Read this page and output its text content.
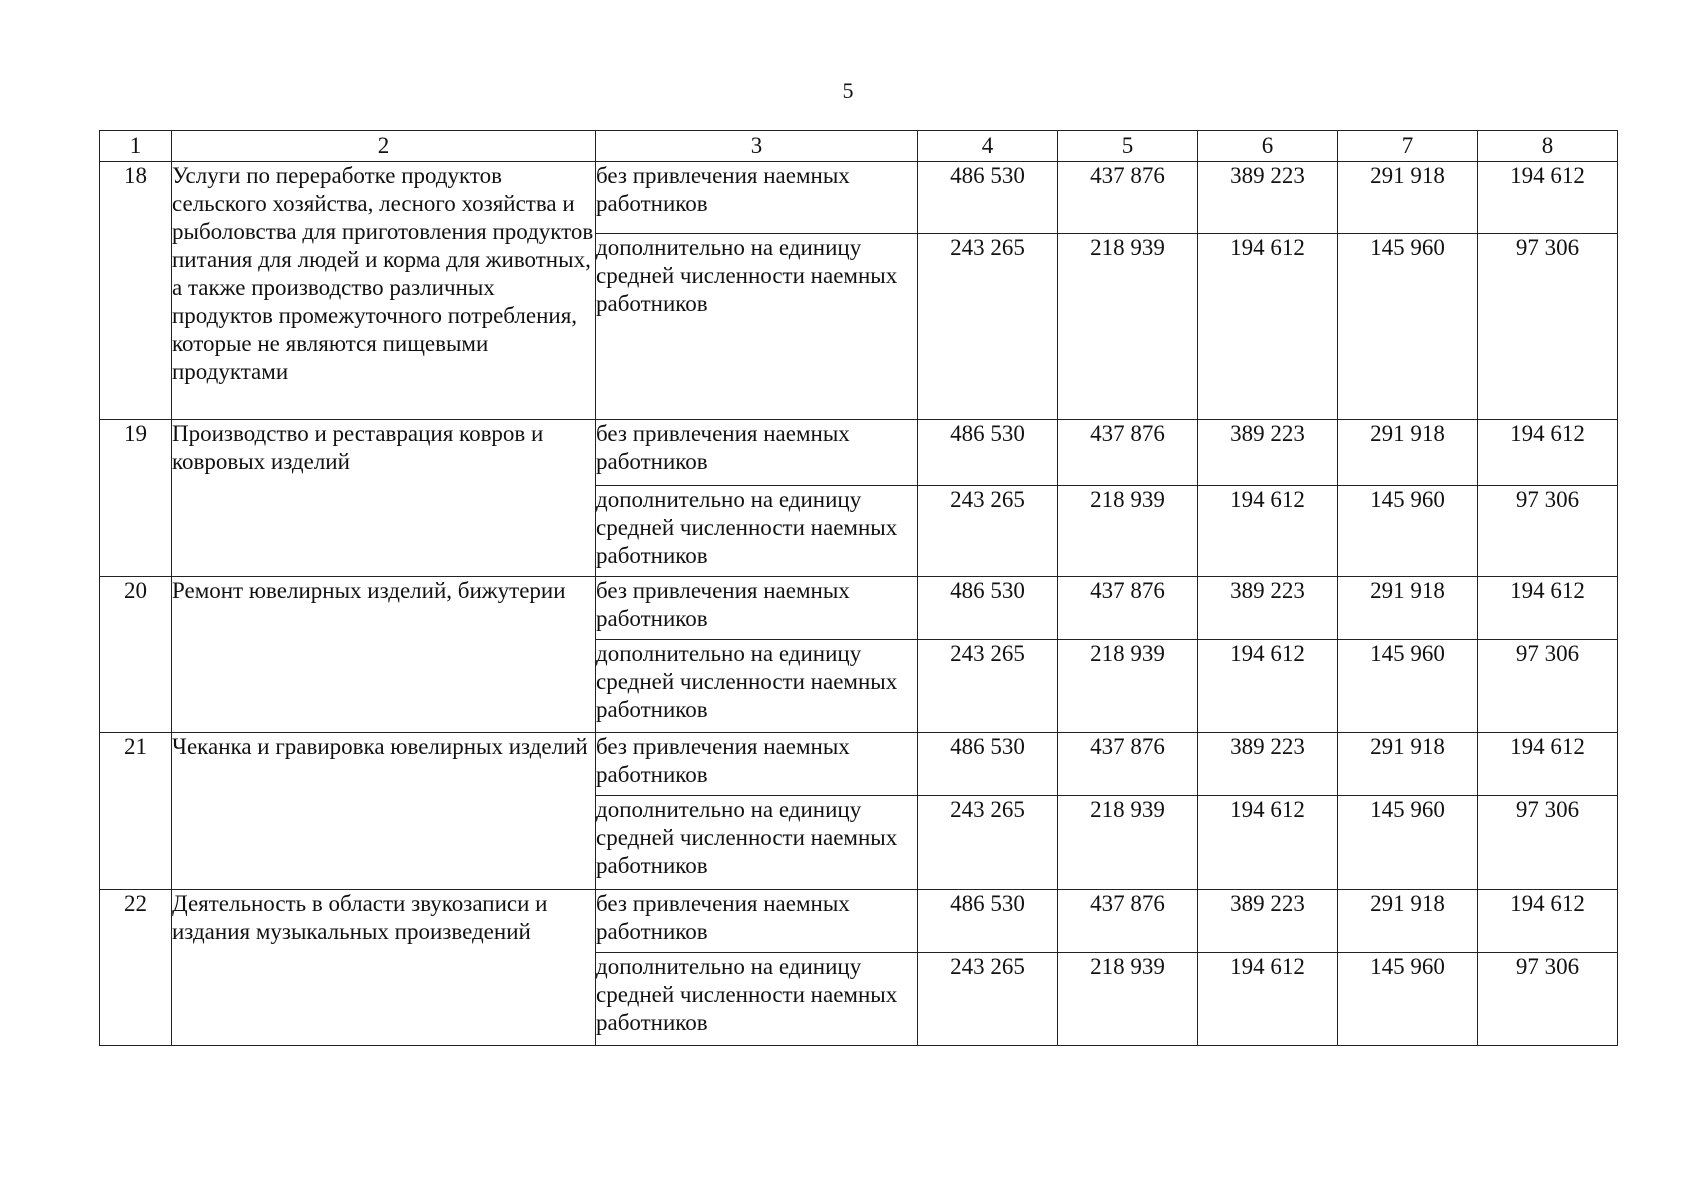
5
1	2	3	4	5	6	7	8
18	Услуги по переработке продуктов сельского хозяйства, лесного хозяйства и рыболовства для приготовления продуктов питания для людей и корма для животных, а также производство различных продуктов промежуточного потребления, которые не являются пищевыми продуктами	без привлечения наемных работников	486 530	437 876	389 223	291 918	194 612
		дополнительно на единицу средней численности наемных работников	243 265	218 939	194 612	145 960	97 306
19	Производство и реставрация ковров и ковровых изделий	без привлечения наемных работников	486 530	437 876	389 223	291 918	194 612
		дополнительно на единицу средней численности наемных работников	243 265	218 939	194 612	145 960	97 306
20	Ремонт ювелирных изделий, бижутерии	без привлечения наемных работников	486 530	437 876	389 223	291 918	194 612
		дополнительно на единицу средней численности наемных работников	243 265	218 939	194 612	145 960	97 306
21	Чеканка и гравировка ювелирных изделий	без привлечения наемных работников	486 530	437 876	389 223	291 918	194 612
		дополнительно на единицу средней численности наемных работников	243 265	218 939	194 612	145 960	97 306
22	Деятельность в области звукозаписи и издания музыкальных произведений	без привлечения наемных работников	486 530	437 876	389 223	291 918	194 612
		дополнительно на единицу средней численности наемных работников	243 265	218 939	194 612	145 960	97 306
